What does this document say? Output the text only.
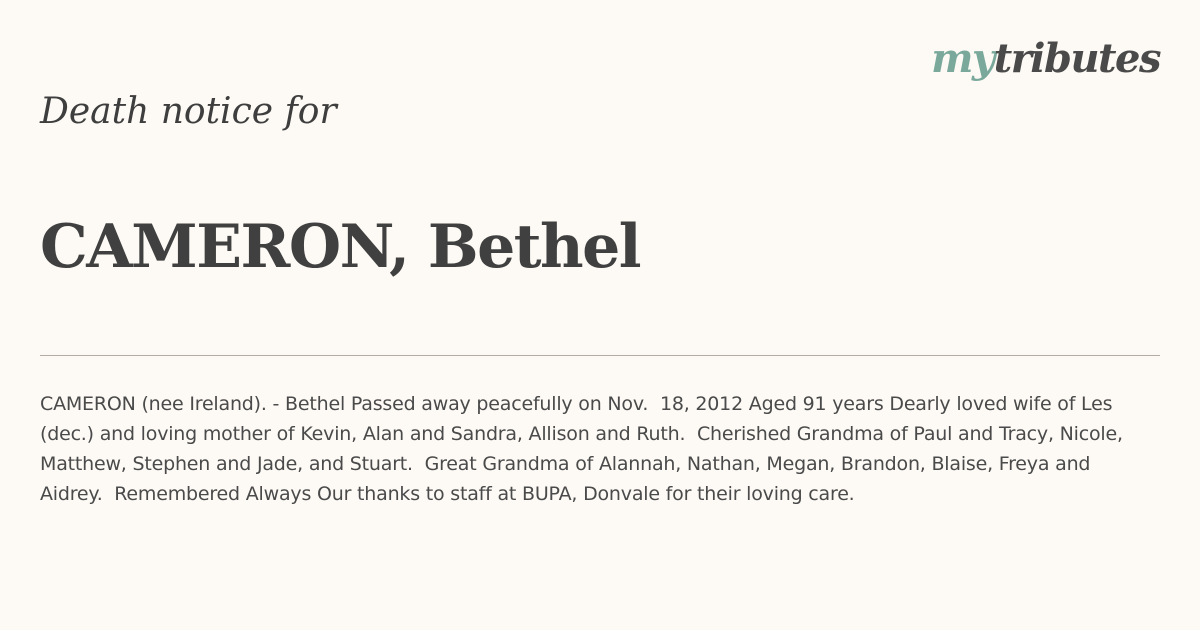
mytributes
Death notice for
CAMERON, Bethel

CAMERON (nee Ireland). - Bethel Passed away peacefully on Nov.  18, 2012 Aged 91 years Dearly loved wife of Les (dec.) and loving mother of Kevin, Alan and Sandra, Allison and Ruth.  Cherished Grandma of Paul and Tracy, Nicole, Matthew, Stephen and Jade, and Stuart.  Great Grandma of Alannah, Nathan, Megan, Brandon, Blaise, Freya and Aidrey.  Remembered Always Our thanks to staff at BUPA, Donvale for their loving care.
